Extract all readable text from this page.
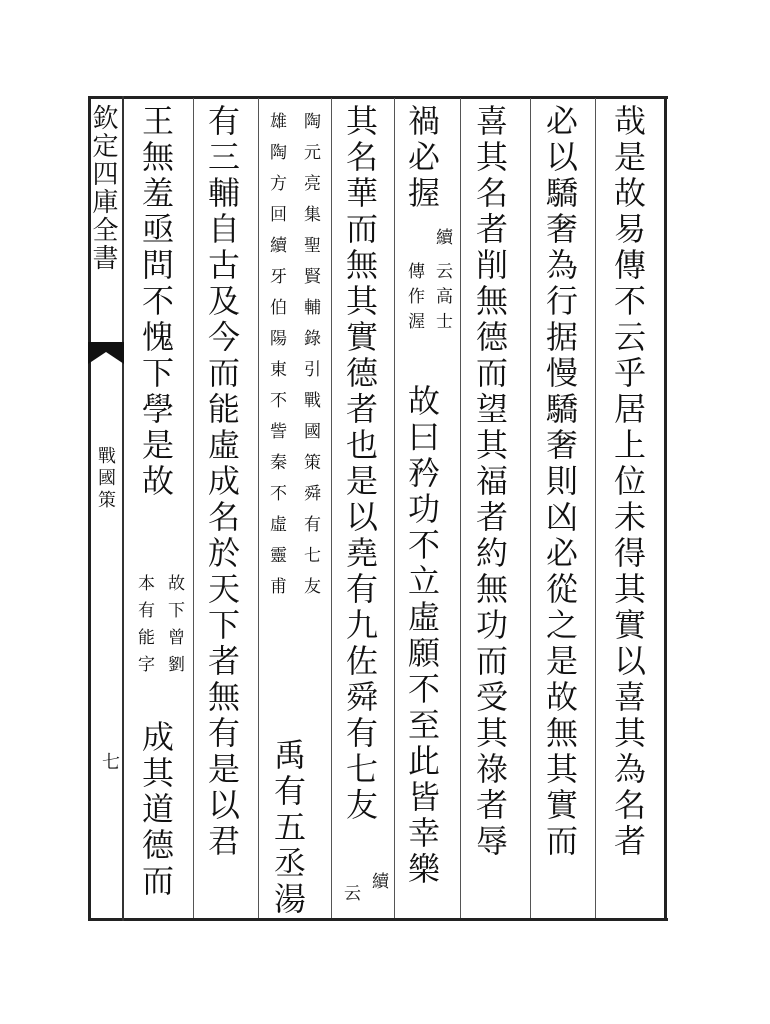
欽定四庫全書
戰國策
七	哉是故易傳不云乎居上位未得其實以喜其為名者
必以驕奢為行据慢驕奢則凶必從之是故無其實而
喜其名者削無德而望其福者約無功而受其祿者辱
禍必握
續
云高士
傳作渥
故曰矜功不立虛願不至此皆幸樂
其名華而無其實德者也是以堯有九佐舜有七友
續
云
陶元亮集聖賢輔錄引戰國策舜有七友
雄陶方回續牙伯陽東不訾秦不虛靈甫
禹有五丞湯
有三輔自古及今而能虛成名於天下者無有是以君
王無羞亟問不愧下學是故
故下曾劉
本有能字
成其道德而
